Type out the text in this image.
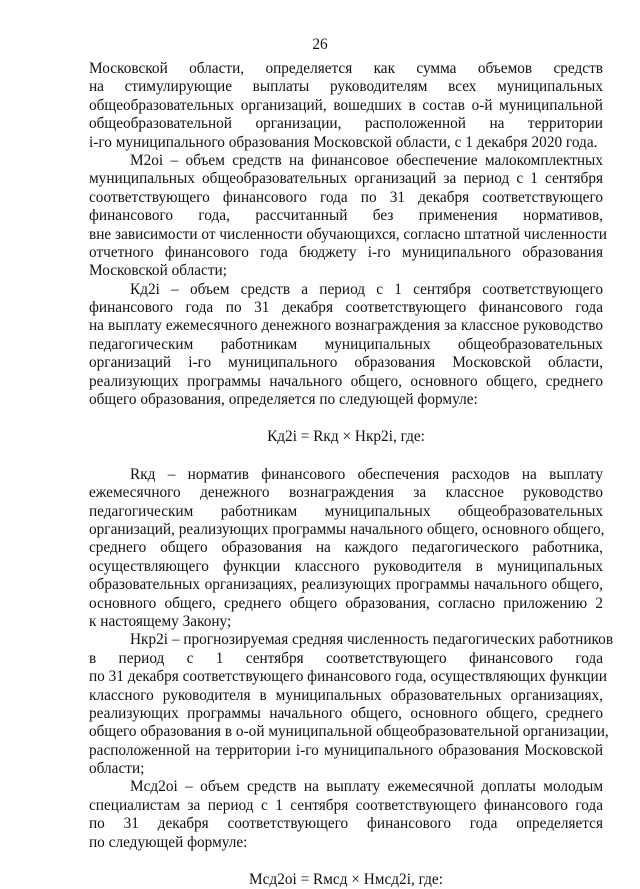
26
Московской области, определяется как сумма объемов средств
на стимулирующие выплаты руководителям всех муниципальных
общеобразовательных организаций, вошедших в состав о-й муниципальной
общеобразовательной организации, расположенной на территории
i-го муниципального образования Московской области, с 1 декабря 2020 года.
М2оi – объем средств на финансовое обеспечение малокомплектных
муниципальных общеобразовательных организаций за период с 1 сентября
соответствующего финансового года по 31 декабря соответствующего
финансового года, рассчитанный без применения нормативов,
вне зависимости от численности обучающихся, согласно штатной численности
отчетного финансового года бюджету i-го муниципального образования
Московской области;
Кд2i – объем средств а период с 1 сентября соответствующего
финансового года по 31 декабря соответствующего финансового года
на выплату ежемесячного денежного вознаграждения за классное руководство
педагогическим работникам муниципальных общеобразовательных
организаций i-го муниципального образования Московской области,
реализующих программы начального общего, основного общего, среднего
общего образования, определяется по следующей формуле:
Кд2i = Rкд × Нкр2i, где:
Rкд – норматив финансового обеспечения расходов на выплату
ежемесячного денежного вознаграждения за классное руководство
педагогическим работникам муниципальных общеобразовательных
организаций, реализующих программы начального общего, основного общего,
среднего общего образования на каждого педагогического работника,
осуществляющего функции классного руководителя в муниципальных
образовательных организациях, реализующих программы начального общего,
основного общего, среднего общего образования, согласно приложению 2
к настоящему Закону;
Нкр2i – прогнозируемая средняя численность педагогических работников
в период с 1 сентября соответствующего финансового года
по 31 декабря соответствующего финансового года, осуществляющих функции
классного руководителя в муниципальных образовательных организациях,
реализующих программы начального общего, основного общего, среднего
общего образования в о-ой муниципальной общеобразовательной организации,
расположенной на территории i-го муниципального образования Московской
области;
Мсд2оi – объем средств на выплату ежемесячной доплаты молодым
специалистам за период с 1 сентября соответствующего финансового года
по 31 декабря соответствующего финансового года определяется
по следующей формуле:
Мсд2оi = Rмсд × Нмсд2i, где:
